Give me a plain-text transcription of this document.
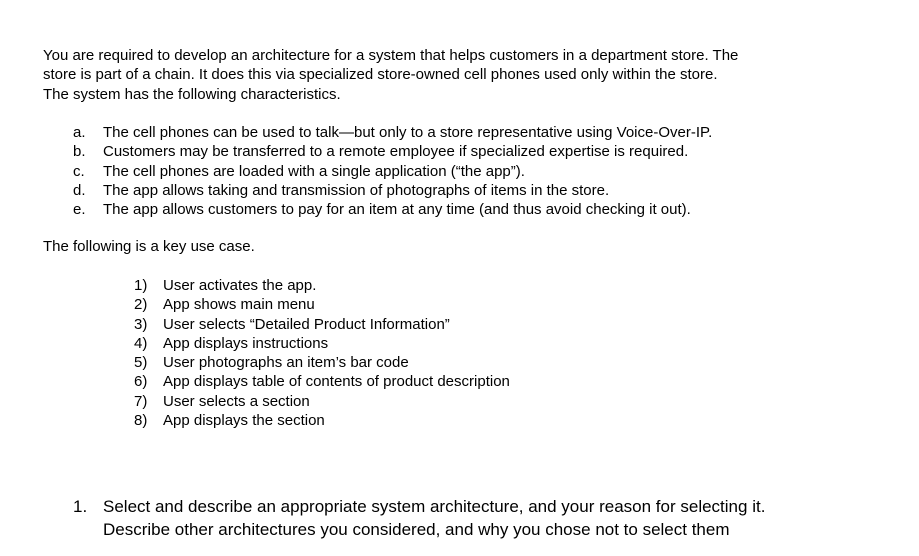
You are required to develop an architecture for a system that helps customers in a department store. The
store is part of a chain. It does this via specialized store-owned cell phones used only within the store.
The system has the following characteristics.
a. The cell phones can be used to talk—but only to a store representative using Voice-Over-IP.
b. Customers may be transferred to a remote employee if specialized expertise is required.
c. The cell phones are loaded with a single application (“the app”).
d. The app allows taking and transmission of photographs of items in the store.
e. The app allows customers to pay for an item at any time (and thus avoid checking it out).
The following is a key use case.
1) User activates the app.
2) App shows main menu
3) User selects “Detailed Product Information”
4) App displays instructions
5) User photographs an item’s bar code
6) App displays table of contents of product description
7) User selects a section
8) App displays the section
1. Select and describe an appropriate system architecture, and your reason for selecting it.
Describe other architectures you considered, and why you chose not to select them
